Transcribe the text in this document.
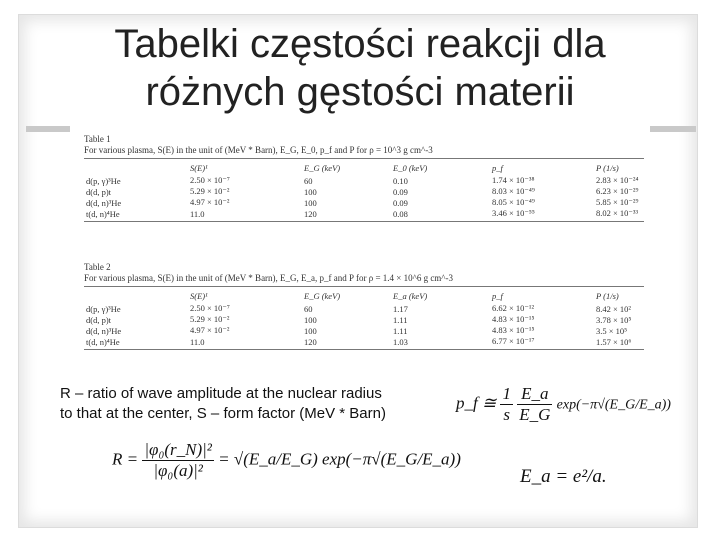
Tabelki częstości reakcji dla
różnych gęstości materii
Table 1
For various plasma, S(E) in the unit of (MeV * Barn), E_G, E_0, p_f and P for ρ = 10^3 g cm^-3
	S(E)¹	E_G (keV)	E_0 (keV)	p_f	P (1/s)
d(p, γ)³He	2.50 × 10⁻⁷	60	0.10	1.74 × 10⁻³⁸	2.83 × 10⁻²⁴
d(d, p)t	5.29 × 10⁻²	100	0.09	8.03 × 10⁻⁴⁹	6.23 × 10⁻²⁹
d(d, n)³He	4.97 × 10⁻²	100	0.09	8.05 × 10⁻⁴⁹	5.85 × 10⁻²⁹
t(d, n)⁴He	11.0	120	0.08	3.46 × 10⁻⁵⁵	8.02 × 10⁻³³
Table 2
For various plasma, S(E) in the unit of (MeV * Barn), E_G, E_a, p_f and P for ρ = 1.4 × 10^6 g cm^-3
	S(E)¹	E_G (keV)	E_a (keV)	p_f	P (1/s)
d(p, γ)³He	2.50 × 10⁻⁷	60	1.17	6.62 × 10⁻¹²	8.42 × 10²
d(d, p)t	5.29 × 10⁻²	100	1.11	4.83 × 10⁻¹⁵	3.78 × 10⁵
d(d, n)³He	4.97 × 10⁻²	100	1.11	4.83 × 10⁻¹⁵	3.5 × 10⁵
t(d, n)⁴He	11.0	120	1.03	6.77 × 10⁻¹⁷	1.57 × 10⁶
R – ratio of wave amplitude at the nuclear radius
to that at the center, S – form factor (MeV * Barn)
p_f ≅ $\frac{1}{s}$
$\frac{E\_a}{E\_G}$ exp(−π√(E_G/E_a))
$R = \frac{\text{|φ₀(r\_N)|²}}{\text{|φ₀(a)|²}}$ = √(E_a/E_G) exp(−π√(E_G/E_a))
E_a = e²/a.
